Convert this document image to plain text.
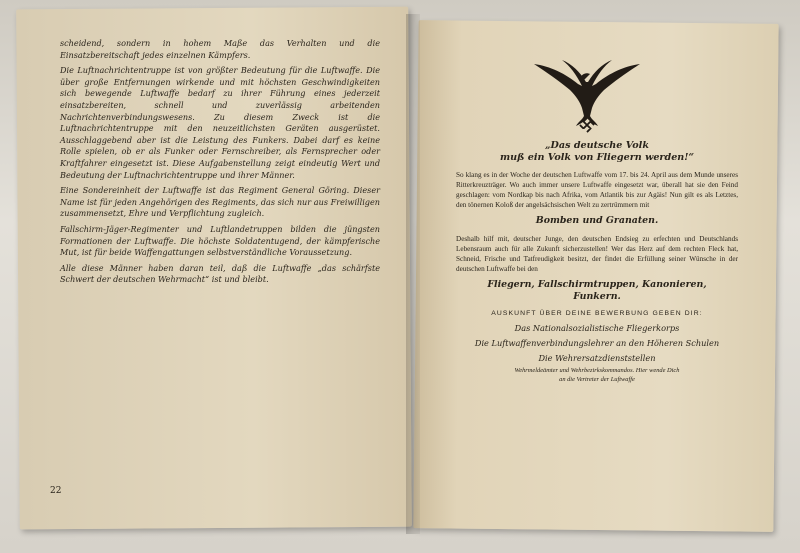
scheidend, sondern in hohem Maße das Verhalten und die Einsatzbereitschaft jedes einzelnen Kämpfers.

Die Luftnachrichtentruppe ist von größter Bedeutung für die Luftwaffe. Die über große Entfernungen wirkende und mit höchsten Geschwindigkeiten sich bewegende Luftwaffe bedarf zu ihrer Führung eines jederzeit einsatzbereiten, schnell und zuverlässig arbeitenden Nachrichtenverbindungswesens. Zu diesem Zweck ist die Luftnachrichtentruppe mit den neuzeitlichsten Geräten ausgerüstet. Ausschlaggebend aber ist die Leistung des Funkers. Dabei darf es keine Rolle spielen, ob er als Funker oder Fernschreiber, als Fernsprecher oder Kraftfahrer eingesetzt ist. Diese Aufgabenstellung zeigt eindeutig Wert und Bedeutung der Luftnachrichtentruppe und ihrer Männer.

Eine Sondereinheit der Luftwaffe ist das Regiment General Göring. Dieser Name ist für jeden Angehörigen des Regiments, das sich nur aus Freiwilligen zusammensetzt, Ehre und Verpflichtung zugleich.

Fallschirm-Jäger-Regimenter und Luftlandetruppen bilden die jüngsten Formationen der Luftwaffe. Die höchste Soldatentugend, der kämpferische Mut, ist für beide Waffengattungen selbstverständliche Voraussetzung.

Alle diese Männer haben daran teil, daß die Luftwaffe „das schärfste Schwert der deutschen Wehrmacht“ ist und bleibt.

22
„Das deutsche Volk
muß ein Volk von Fliegern werden!“

So klang es in der Woche der deutschen Luftwaffe vom 17. bis 24. April aus dem Munde unseres Ritterkreuzträger. Wo auch immer unsere Luftwaffe eingesetzt war, überall hat sie den Feind geschlagen: vom Nordkap bis nach Afrika, vom Atlantik bis zur Agäis! Nun gilt es als Letztes, den tönernen Koloß der angelsächsischen Welt zu zertrümmern mit

Bomben und Granaten.

Deshalb hilf mit, deutscher Junge, den deutschen Endsieg zu erfechten und Deutschlands Lebensraum auch für alle Zukunft sicherzustellen! Wer das Herz auf dem rechten Fleck hat, Schneid, Frische und Tatfreudigkeit besitzt, der findet die Erfüllung seiner Wünsche in der deutschen Luftwaffe bei den

Fliegern, Fallschirmtruppen, Kanonieren,
Funkern.

AUSKUNFT ÜBER DEINE BEWERBUNG GEBEN DIR:

Das Nationalsozialistische Fliegerkorps

Die Luftwaffenverbindungslehrer an den Höheren Schulen

Die Wehrersatzdienststellen

Wehrmeldeämter und Wehrbezirkskommandos. Hier wende Dich

an die Vertreter der Luftwaffe
